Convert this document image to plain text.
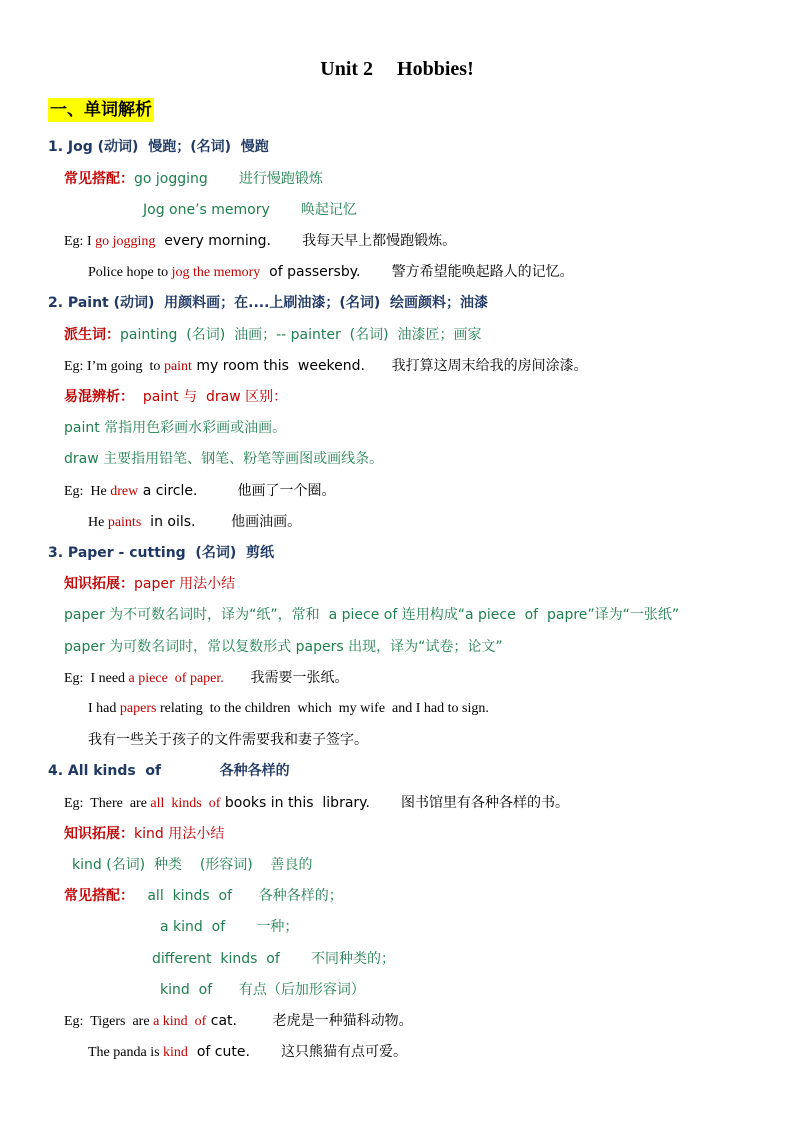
Unit 2 Hobbies!
一、单词解析
1. Jog (动词)  慢跑；(名词)  慢跑
常见搭配：go jogging       进行慢跑锻炼
Jog one’s memory       唤起记忆
Eg: I go jogging  every morning.       我每天早上都慢跑锻炼。
Police hope to jog the memory  of passersby.       警方希望能唤起路人的记忆。
2. Paint (动词)  用颜料画；在....上刷油漆；(名词)  绘画颜料；油漆
派生词：painting  (名词)  油画；-- painter  (名词)  油漆匠；画家
Eg: I’m going  to paint my room this  weekend.      我打算这周末给我的房间涂漆。
易混辨析：  paint 与  draw 区别：
paint 常指用色彩画水彩画或油画。
draw 主要指用铅笔、钢笔、粉笔等画图或画线条。
Eg:  He drew a circle.         他画了一个圈。
He paints  in oils.        他画油画。
3. Paper - cutting  (名词)  剪纸
知识拓展：paper 用法小结
paper 为不可数名词时，译为“纸”，常和  a piece of 连用构成“a piece  of  papre”译为“一张纸”
paper 为可数名词时，常以复数形式 papers 出现，译为“试卷；论文”
Eg:  I need a piece  of paper.      我需要一张纸。
I had papers relating  to the children  which  my wife  and I had to sign.
我有一些关于孩子的文件需要我和妻子签字。
4. All kinds  of            各种各样的
Eg:  There  are all  kinds  of books in this  library.       图书馆里有各种各样的书。
知识拓展：kind 用法小结
kind (名词)  种类    (形容词)    善良的
常见搭配：   all  kinds  of      各种各样的；
a kind  of       一种；
different  kinds  of       不同种类的；
kind  of      有点（后加形容词）
Eg:  Tigers  are a kind  of cat.        老虎是一种猫科动物。
The panda is kind  of cute.       这只熊猫有点可爱。
